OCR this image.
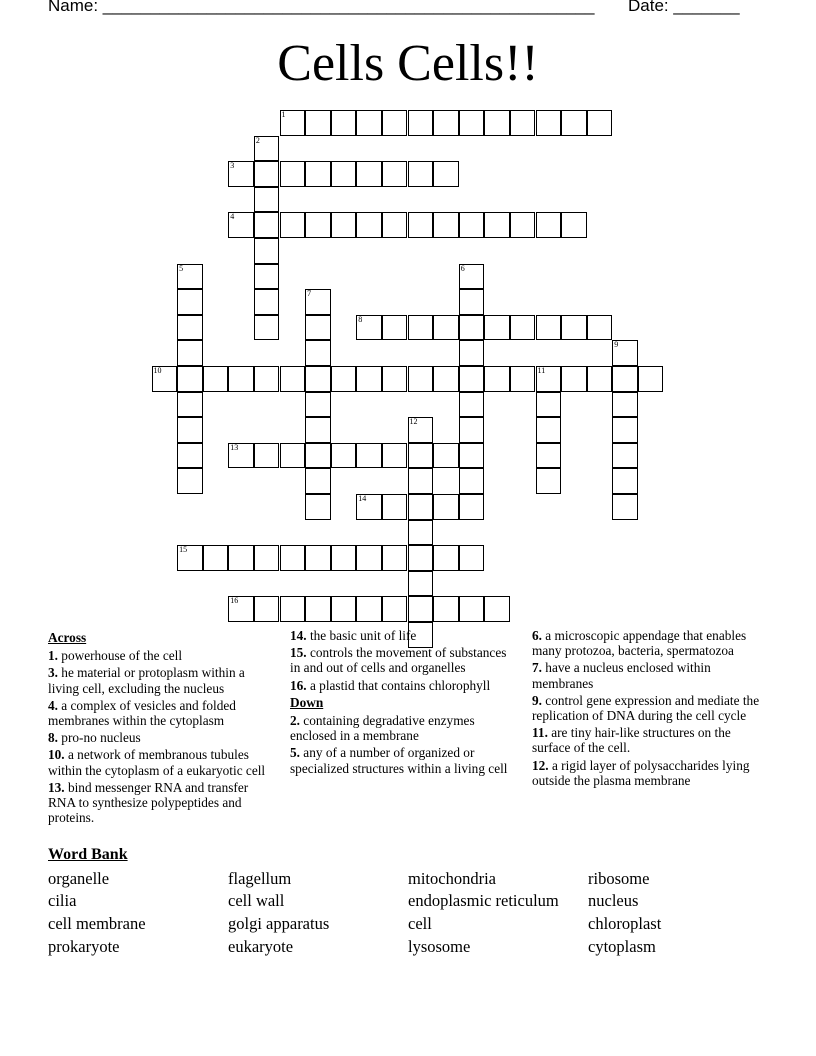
Name: ____________________________________________________ Date: _______
Cells Cells!!
1
2
3
4
5	6
7
8
9
10	11
12
13
14
15
16
Across
1. powerhouse of the cell
3. he material or protoplasm within a living cell, excluding the nucleus
4. a complex of vesicles and folded membranes within the cytoplasm
8. pro-no nucleus
10. a network of membranous tubules within the cytoplasm of a eukaryotic cell
13. bind messenger RNA and transfer RNA to synthesize polypeptides and proteins.
14. the basic unit of life
15. controls the movement of substances in and out of cells and organelles
16. a plastid that contains chlorophyll
Down
2. containing degradative enzymes enclosed in a membrane
5. any of a number of organized or specialized structures within a living cell
6. a microscopic appendage that enables many protozoa, bacteria, spermatozoa
7. have a nucleus enclosed within membranes
9. control gene expression and mediate the replication of DNA during the cell cycle
11. are tiny hair-like structures on the surface of the cell.
12. a rigid layer of polysaccharides lying outside the plasma membrane
Word Bank
organelle
cilia
cell membrane
prokaryote
flagellum
cell wall
golgi apparatus
eukaryote
mitochondria
endoplasmic reticulum
cell
lysosome
ribosome
nucleus
chloroplast
cytoplasm
